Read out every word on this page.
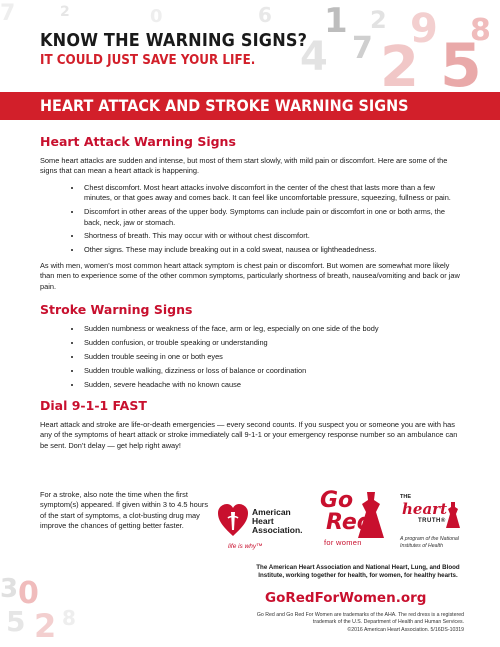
7	2	0	6
4
1
7
2
2
9
5
8
3 0
5 2 8
KNOW THE WARNING SIGNS?
IT COULD JUST SAVE YOUR LIFE.
HEART ATTACK AND STROKE WARNING SIGNS
Heart Attack Warning Signs

Some heart attacks are sudden and intense, but most of them start slowly, with mild pain or discomfort. Here are some of the signs that can mean a heart attack is happening.

• Chest discomfort. Most heart attacks involve discomfort in the center of the chest that lasts more than a few minutes, or that goes away and comes back. It can feel like uncomfortable pressure, squeezing, fullness or pain.
• Discomfort in other areas of the upper body. Symptoms can include pain or discomfort in one or both arms, the back, neck, jaw or stomach.
• Shortness of breath. This may occur with or without chest discomfort.
• Other signs. These may include breaking out in a cold sweat, nausea or lightheadedness.

As with men, women’s most common heart attack symptom is chest pain or discomfort. But women are somewhat more likely than men to experience some of the other common symptoms, particularly shortness of breath, nausea/vomiting and back or jaw pain.

Stroke Warning Signs
• Sudden numbness or weakness of the face, arm or leg, especially on one side of the body
• Sudden confusion, or trouble speaking or understanding
• Sudden trouble seeing in one or both eyes
• Sudden trouble walking, dizziness or loss of balance or coordination
• Sudden, severe headache with no known cause
Dial 9-1-1 FAST

Heart attack and stroke are life-or-death emergencies — every second counts. If you suspect you or someone you are with has any of the symptoms of heart attack or stroke immediately call 9-1-1 or your emergency response number so an ambulance can be sent. Don’t delay — get help right away!

For a stroke, also note the time when the first symptom(s) appeared. If given within 3 to 4.5 hours of the start of symptoms, a clot-busting drug may improve the chances of getting better faster.
American
Heart
Association.
life is why™
Go
Red
for women
THE
heart
TRUTH®
A program of the National Institutes of Health
The American Heart Association and National Heart, Lung, and Blood Institute, working together for health, for women, for healthy hearts.
GoRedForWomen.org
Go Red and Go Red For Women are trademarks of the AHA. The red dress is a registered trademark of the U.S. Department of Health and Human Services.
©2016 American Heart Association. 5/16DS-10319
